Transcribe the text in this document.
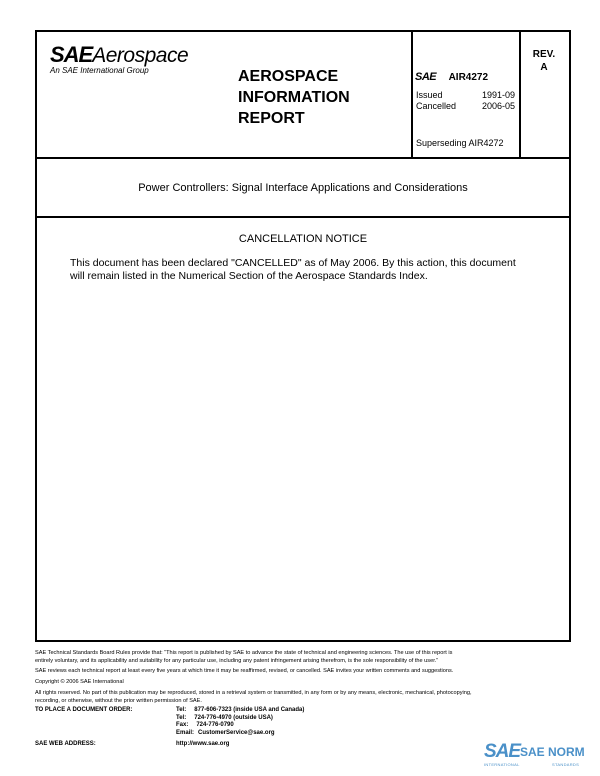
SAEAerospace
An SAE International Group	AEROSPACE
INFORMATION
REPORT
SAE AIR4272
Issued	1991-09
Cancelled	2006-05
Superseding AIR4272
REV.
A
Power Controllers: Signal Interface Applications and Considerations
CANCELLATION NOTICE
This document has been declared "CANCELLED" as of May 2006. By this action, this document
will remain listed in the Numerical Section of the Aerospace Standards Index.
SAE Technical Standards Board Rules provide that: “This report is published by SAE to advance the state of technical and engineering sciences. The use of this report is
entirely voluntary, and its applicability and suitability for any particular use, including any patent infringement arising therefrom, is the sole responsibility of the user.”
SAE reviews each technical report at least every five years at which time it may be reaffirmed, revised, or cancelled. SAE invites your written comments and suggestions.
Copyright © 2006 SAE International
All rights reserved. No part of this publication may be reproduced, stored in a retrieval system or transmitted, in any form or by any means, electronic, mechanical, photocopying,
recording, or otherwise, without the prior written permission of SAE.
TO PLACE A DOCUMENT ORDER:	Tel: 877-606-7323 (inside USA and Canada)
Tel: 724-776-4970 (outside USA)
Fax: 724-776-0790
Email: CustomerService@sae.org
SAE WEB ADDRESS:	http://www.sae.org	SAE SAE NORM
INTERNATIONAL	STANDARDS
